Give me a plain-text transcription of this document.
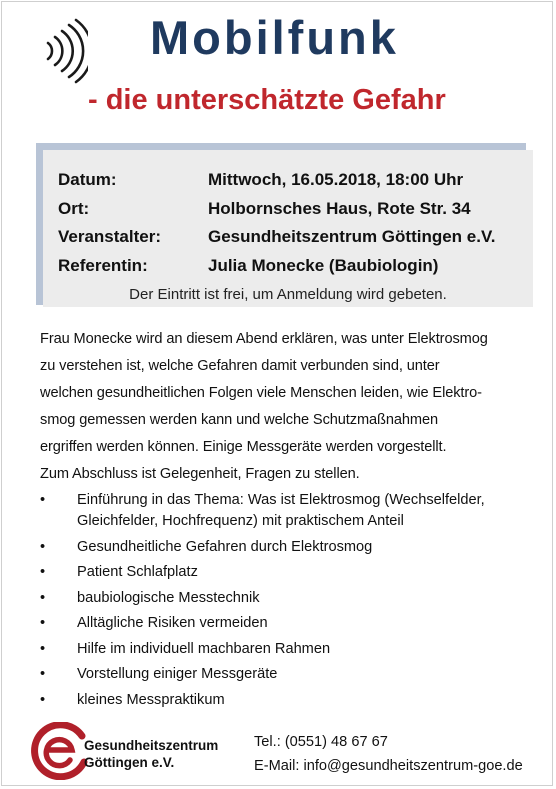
Mobilfunk
- die unterschätzte Gefahr
Datum:	Mittwoch, 16.05.2018, 18:00 Uhr
Ort:	Holbornsches Haus, Rote Str. 34
Veranstalter:	Gesundheitszentrum Göttingen e.V.
Referentin:	Julia Monecke (Baubiologin)
Der Eintritt ist frei, um Anmeldung wird gebeten.

Frau Monecke wird an diesem Abend erklären, was unter Elektrosmog
zu verstehen ist, welche Gefahren damit verbunden sind, unter
welchen gesundheitlichen Folgen viele Menschen leiden, wie Elektro-
smog gemessen werden kann und welche Schutzmaßnahmen
ergriffen werden können. Einige Messgeräte werden vorgestellt.
Zum Abschluss ist Gelegenheit, Fragen zu stellen.

• Einführung in das Thema: Was ist Elektrosmog (Wechselfelder, Gleichfelder, Hochfrequenz) mit praktischem Anteil
• Gesundheitliche Gefahren durch Elektrosmog
• Patient Schlafplatz
• baubiologische Messtechnik
• Alltägliche Risiken vermeiden
• Hilfe im individuell machbaren Rahmen
• Vorstellung einiger Messgeräte
• kleines Messpraktikum
Gesundheitszentrum
Göttingen e.V.
Tel.: (0551) 48 67 67
E-Mail: info@gesundheitszentrum-goe.de
